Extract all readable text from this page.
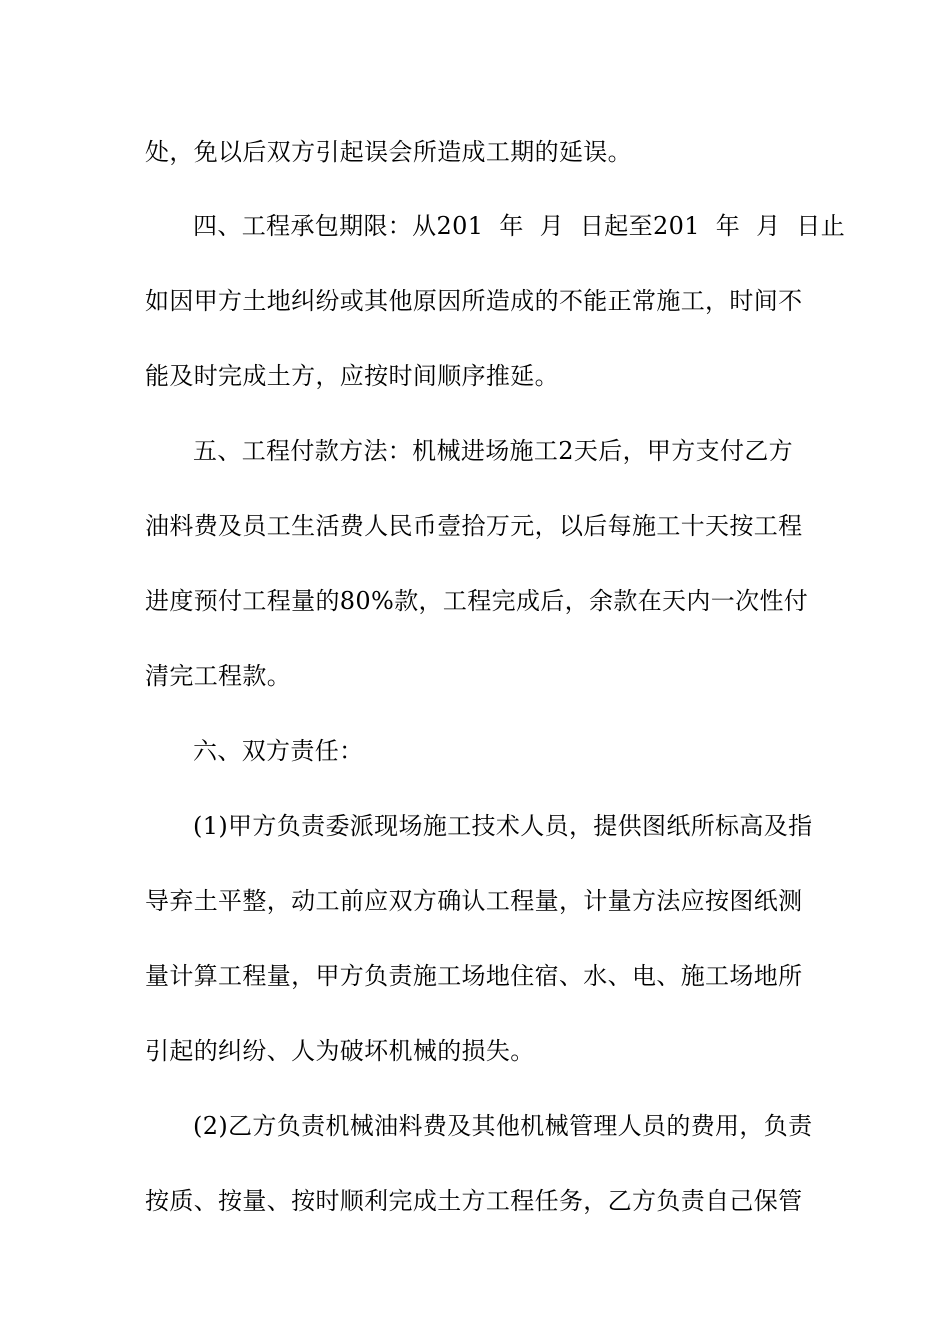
处，免以后双方引起误会所造成工期的延误。
四、工程承包期限：从201  年  月  日起至201  年  月  日止
如因甲方土地纠纷或其他原因所造成的不能正常施工，时间不
能及时完成土方，应按时间顺序推延。
五、工程付款方法：机械进场施工2天后，甲方支付乙方
油料费及员工生活费人民币壹拾万元，以后每施工十天按工程
进度预付工程量的80%款，工程完成后，余款在天内一次性付
清完工程款。
六、双方责任：
(1)甲方负责委派现场施工技术人员，提供图纸所标高及指
导弃土平整，动工前应双方确认工程量，计量方法应按图纸测
量计算工程量，甲方负责施工场地住宿、水、电、施工场地所
引起的纠纷、人为破坏机械的损失。
(2)乙方负责机械油料费及其他机械管理人员的费用，负责
按质、按量、按时顺利完成土方工程任务，乙方负责自己保管
